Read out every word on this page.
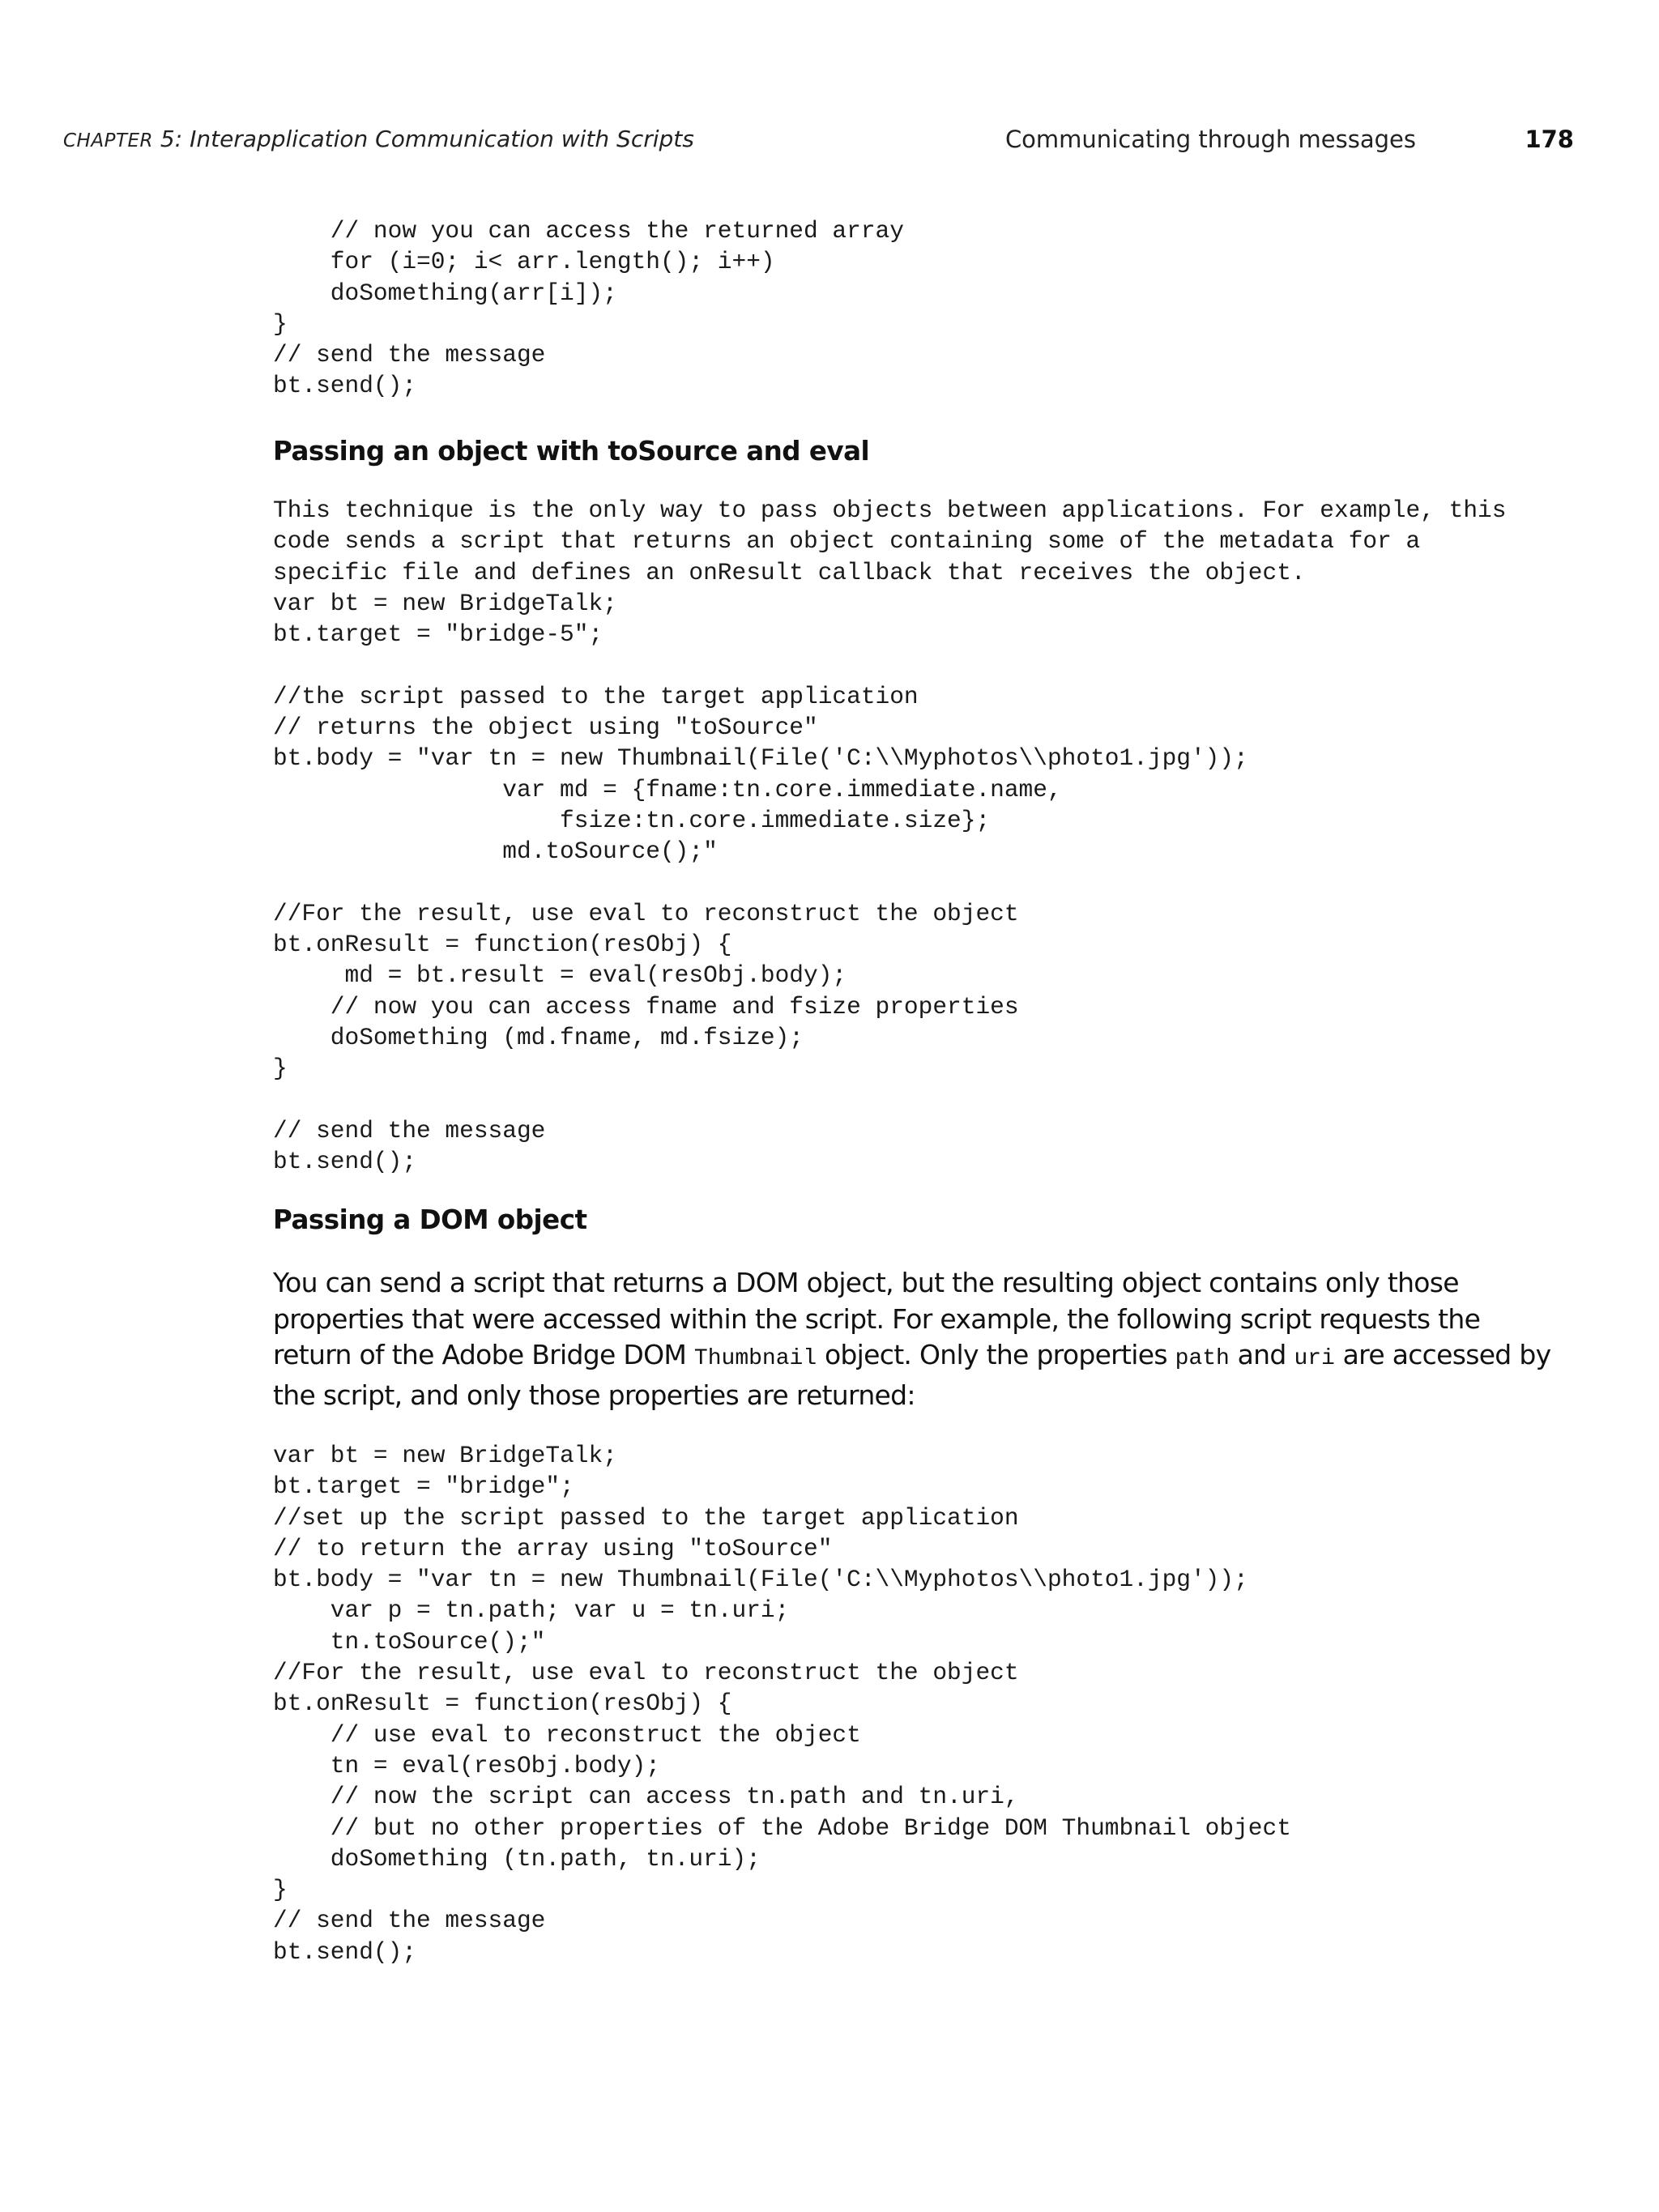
CHAPTER 5: Interapplication Communication with Scripts	Communicating through messages	178
// now you can access the returned array
for (i=0; i< arr.length(); i++)
doSomething(arr[i]);
}
// send the message
bt.send();
Passing an object with toSource and eval
This technique is the only way to pass objects between applications. For example, this
code sends a script that returns an object containing some of the metadata for a
specific file and defines an onResult callback that receives the object.
var bt = new BridgeTalk;
bt.target = "bridge-5";

//the script passed to the target application
// returns the object using "toSource"
bt.body = "var tn = new Thumbnail(File('C:\\Myphotos\\photo1.jpg'));
var md = {fname:tn.core.immediate.name,
fsize:tn.core.immediate.size};
md.toSource();"

//For the result, use eval to reconstruct the object
bt.onResult = function(resObj) {
md = bt.result = eval(resObj.body);
// now you can access fname and fsize properties
doSomething (md.fname, md.fsize);
}

// send the message
bt.send();
Passing a DOM object

You can send a script that returns a DOM object, but the resulting object contains only those properties that were accessed within the script. For example, the following script requests the return of the Adobe Bridge DOM Thumbnail object. Only the properties path and uri are accessed by the script, and only those properties are returned:

var bt = new BridgeTalk;
bt.target = "bridge";
//set up the script passed to the target application
// to return the array using "toSource"
bt.body = "var tn = new Thumbnail(File('C:\\Myphotos\\photo1.jpg'));
var p = tn.path; var u = tn.uri;
tn.toSource();"
//For the result, use eval to reconstruct the object
bt.onResult = function(resObj) {
// use eval to reconstruct the object
tn = eval(resObj.body);
// now the script can access tn.path and tn.uri,
// but no other properties of the Adobe Bridge DOM Thumbnail object
doSomething (tn.path, tn.uri);
}
// send the message
bt.send();
